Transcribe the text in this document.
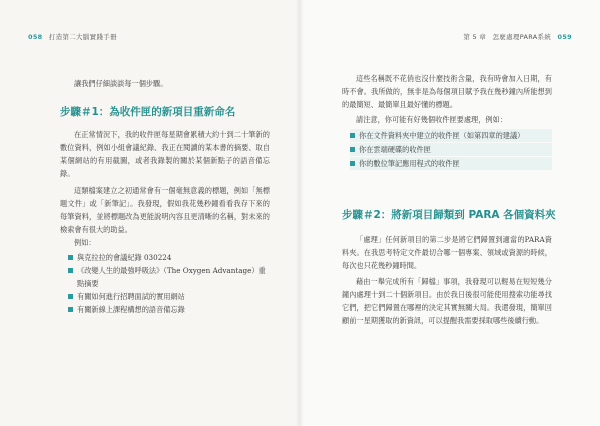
058 打造第二大腦實踐手冊

讓我們仔細談談每一個步驟。

步驟＃1：為收件匣的新項目重新命名

在正常情況下，我的收件匣每星期會累積大約十到二十筆新的數位資料，例如小組會議紀錄、我正在閱讀的某本書的摘要、取自某個網站的有用截圖，或者我錄製的關於某個新點子的語音備忘錄。

這類檔案建立之初通常會有一個毫無意義的標題，例如「無標題文件」或「新筆記」。我發現，假如我花幾秒鐘看看我存下來的每筆資料，並將標題改為更能說明內容且更清晰的名稱，對未來的檢索會有很大的助益。

例如：

與克拉拉的會議紀錄 030224
《改變人生的最強呼吸法》（The Oxygen Advantage）重點摘要
有關如何進行招聘面試的實用網站
有關新線上課程構想的語音備忘錄
第 5 章 怎麼處理PARA系統 059

這些名稱既不花俏也沒什麼技術含量，我有時會加入日期，有時不會。我所做的，無非是為每個項目賦予我在幾秒鐘內所能想到的最簡短、最簡單且最好懂的標題。

請注意，你可能有好幾個收件匣要處理，例如：

你在文件資料夾中建立的收件匣（如第四章的建議）
你在雲端硬碟的收件匣
你的數位筆記應用程式的收件匣
步驟＃2：將新項目歸類到 PARA 各個資料夾

「處理」任何新項目的第二步是將它們歸置到適當的PARA資料夾。在我思考特定文件最切合哪一個專案、領域或資源的時候，每次也只花幾秒鐘時間。

藉由一舉完成所有「歸檔」事項，我發現可以輕易在短短幾分鐘內處理十到二十個新項目。由於我日後很可能使用搜索功能尋找它們，把它們歸置在哪裡的決定其實無關大局。我還發現，簡單回顧前一星期獲取的新資訊，可以提醒我需要採取哪些後續行動。
